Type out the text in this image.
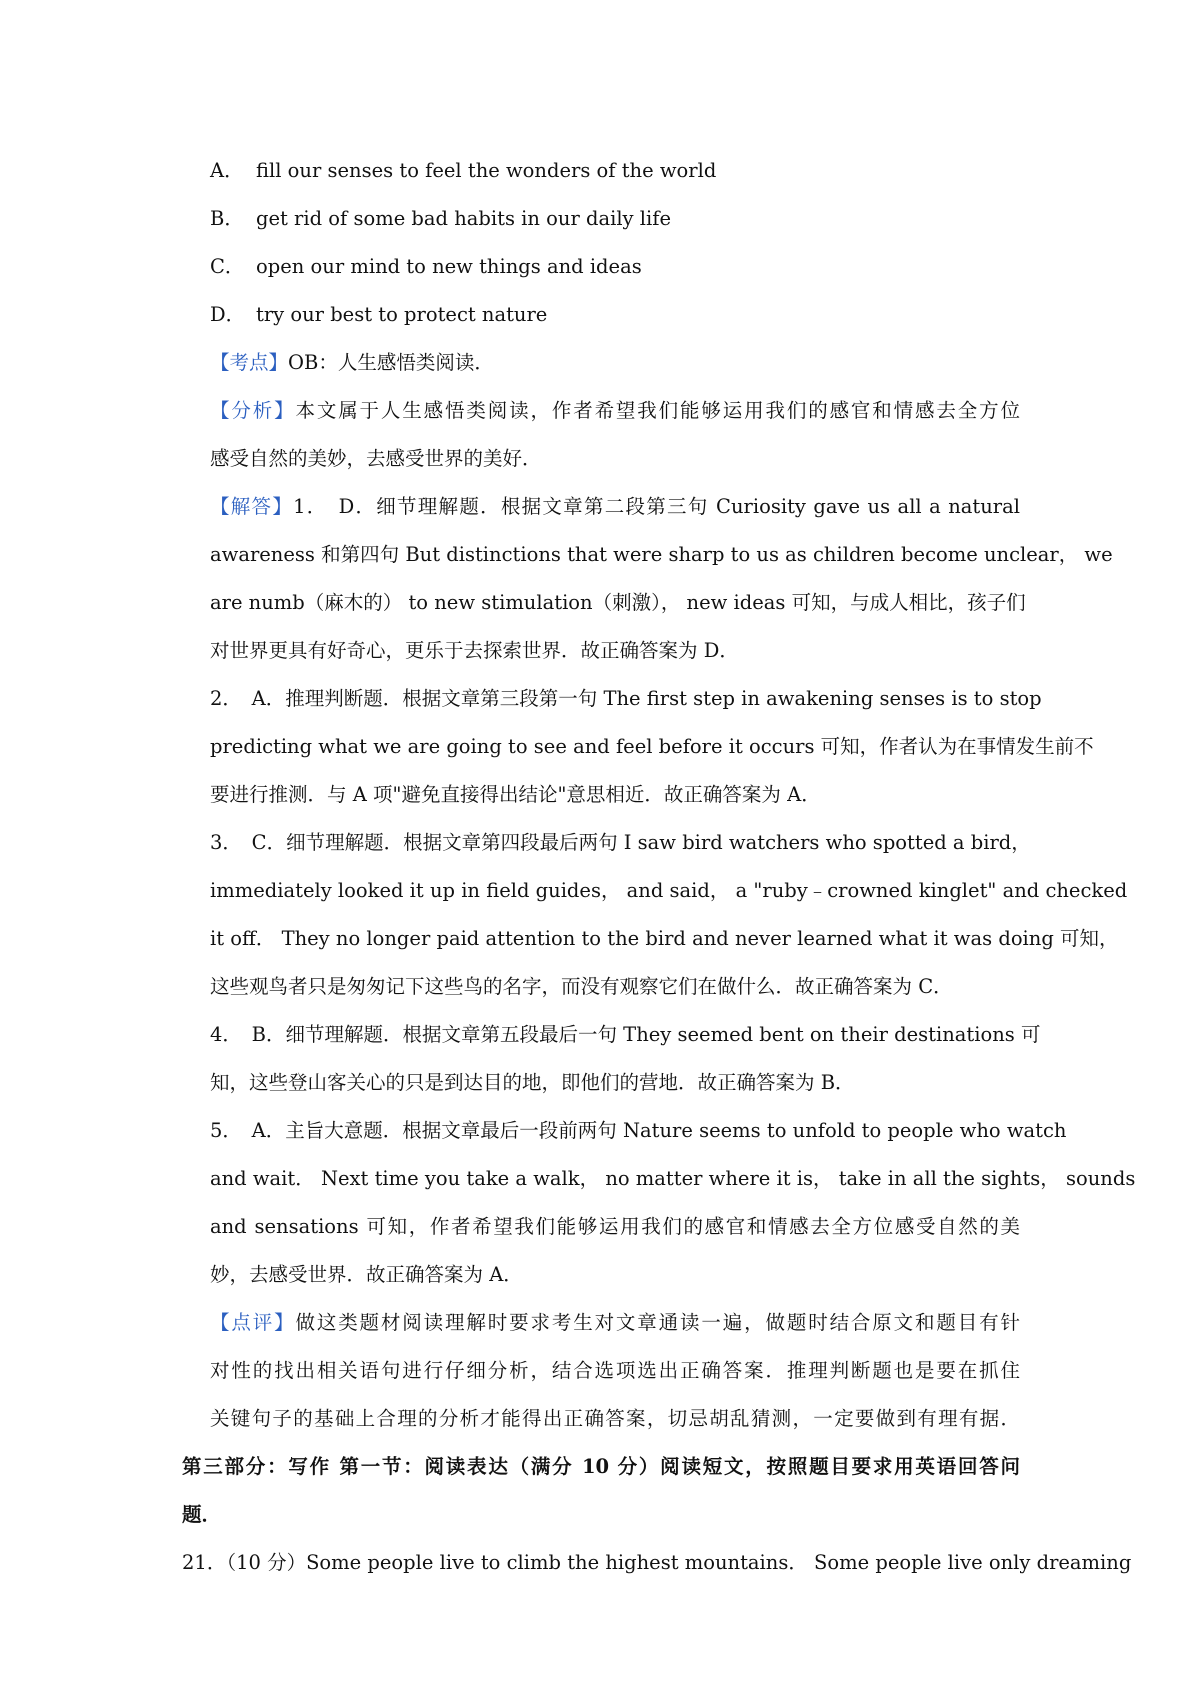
A． fill our senses to feel the wonders of the world
B． get rid of some bad habits in our daily life
C． open our mind to new things and ideas
D． try our best to protect nature
【考点】OB：人生感悟类阅读．
【分析】本文属于人生感悟类阅读，作者希望我们能够运用我们的感官和情感去全方位
感受自然的美妙，去感受世界的美好．
【解答】1．　D．细节理解题．根据文章第二段第三句 Curiosity gave us all a natural
awareness 和第四句 But distinctions that were sharp to us as children become unclear， we
are numb（麻木的） to new stimulation（刺激）， new ideas 可知，与成人相比，孩子们
对世界更具有好奇心，更乐于去探索世界．故正确答案为 D．
2．　A．推理判断题．根据文章第三段第一句 The first step in awakening senses is to stop
predicting what we are going to see and feel before it occurs 可知，作者认为在事情发生前不
要进行推测．与 A 项"避免直接得出结论"意思相近．故正确答案为 A．
3．　C．细节理解题．根据文章第四段最后两句 I saw bird watchers who spotted a bird，
immediately looked it up in field guides， and said， a "ruby﹣crowned kinglet" and checked
it off． They no longer paid attention to the bird and never learned what it was doing 可知，
这些观鸟者只是匆匆记下这些鸟的名字，而没有观察它们在做什么．故正确答案为 C．
4．　B．细节理解题．根据文章第五段最后一句 They seemed bent on their destinations 可
知，这些登山客关心的只是到达目的地，即他们的营地．故正确答案为 B．
5．　A．主旨大意题．根据文章最后一段前两句 Nature seems to unfold to people who watch
and wait． Next time you take a walk， no matter where it is， take in all the sights， sounds
and sensations 可知，作者希望我们能够运用我们的感官和情感去全方位感受自然的美
妙，去感受世界．故正确答案为 A．
【点评】做这类题材阅读理解时要求考生对文章通读一遍，做题时结合原文和题目有针
对性的找出相关语句进行仔细分析，结合选项选出正确答案．推理判断题也是要在抓住
关键句子的基础上合理的分析才能得出正确答案，切忌胡乱猜测，一定要做到有理有据．
第三部分：写作 第一节：阅读表达（满分 10 分）阅读短文，按照题目要求用英语回答问
题．
21．（10 分）Some people live to climb the highest mountains． Some people live only dreaming
